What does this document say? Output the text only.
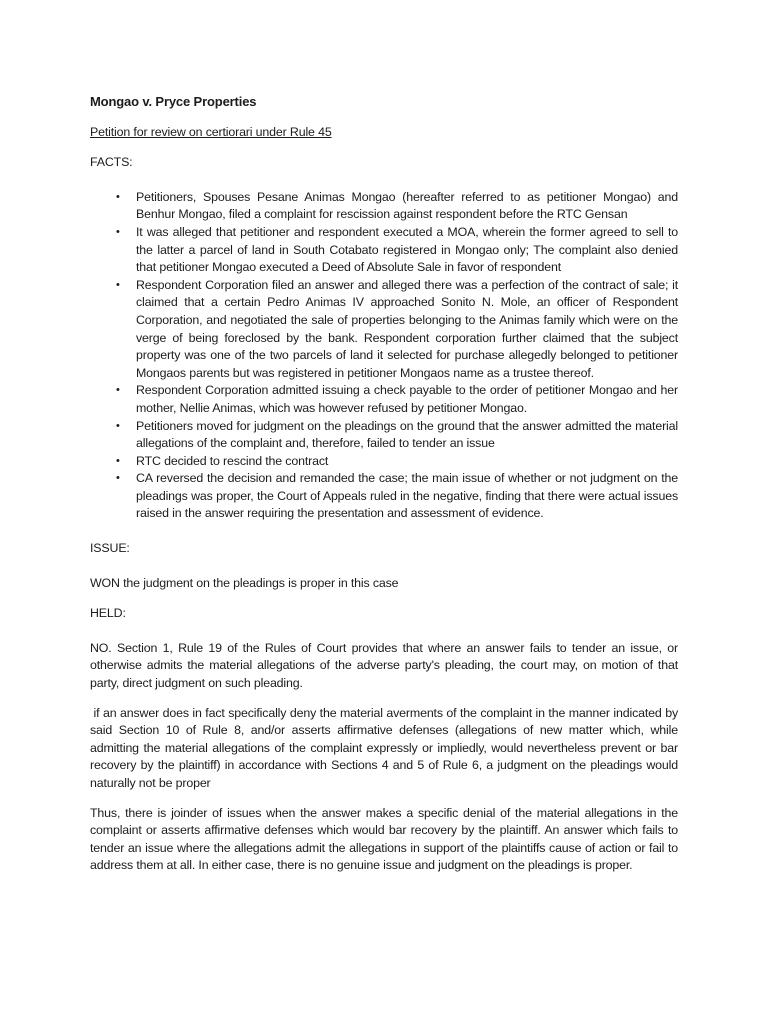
Mongao v. Pryce Properties
Petition for review on certiorari under Rule 45
FACTS:
• Petitioners, Spouses Pesane Animas Mongao (hereafter referred to as petitioner Mongao) and Benhur Mongao, filed a complaint for rescission against respondent before the RTC Gensan
• It was alleged that petitioner and respondent executed a MOA, wherein the former agreed to sell to the latter a parcel of land in South Cotabato registered in Mongao only; The complaint also denied that petitioner Mongao executed a Deed of Absolute Sale in favor of respondent
• Respondent Corporation filed an answer and alleged there was a perfection of the contract of sale; it claimed that a certain Pedro Animas IV approached Sonito N. Mole, an officer of Respondent Corporation, and negotiated the sale of properties belonging to the Animas family which were on the verge of being foreclosed by the bank. Respondent corporation further claimed that the subject property was one of the two parcels of land it selected for purchase allegedly belonged to petitioner Mongaos parents but was registered in petitioner Mongaos name as a trustee thereof.
• Respondent Corporation admitted issuing a check payable to the order of petitioner Mongao and her mother, Nellie Animas, which was however refused by petitioner Mongao.
• Petitioners moved for judgment on the pleadings on the ground that the answer admitted the material allegations of the complaint and, therefore, failed to tender an issue
• RTC decided to rescind the contract
• CA reversed the decision and remanded the case; the main issue of whether or not judgment on the pleadings was proper, the Court of Appeals ruled in the negative, finding that there were actual issues raised in the answer requiring the presentation and assessment of evidence.
ISSUE:
WON the judgment on the pleadings is proper in this case
HELD:
NO. Section 1, Rule 19 of the Rules of Court provides that where an answer fails to tender an issue, or otherwise admits the material allegations of the adverse party's pleading, the court may, on motion of that party, direct judgment on such pleading.
if an answer does in fact specifically deny the material averments of the complaint in the manner indicated by said Section 10 of Rule 8, and/or asserts affirmative defenses (allegations of new matter which, while admitting the material allegations of the complaint expressly or impliedly, would nevertheless prevent or bar recovery by the plaintiff) in accordance with Sections 4 and 5 of Rule 6, a judgment on the pleadings would naturally not be proper
Thus, there is joinder of issues when the answer makes a specific denial of the material allegations in the complaint or asserts affirmative defenses which would bar recovery by the plaintiff. An answer which fails to tender an issue where the allegations admit the allegations in support of the plaintiffs cause of action or fail to address them at all. In either case, there is no genuine issue and judgment on the pleadings is proper.
